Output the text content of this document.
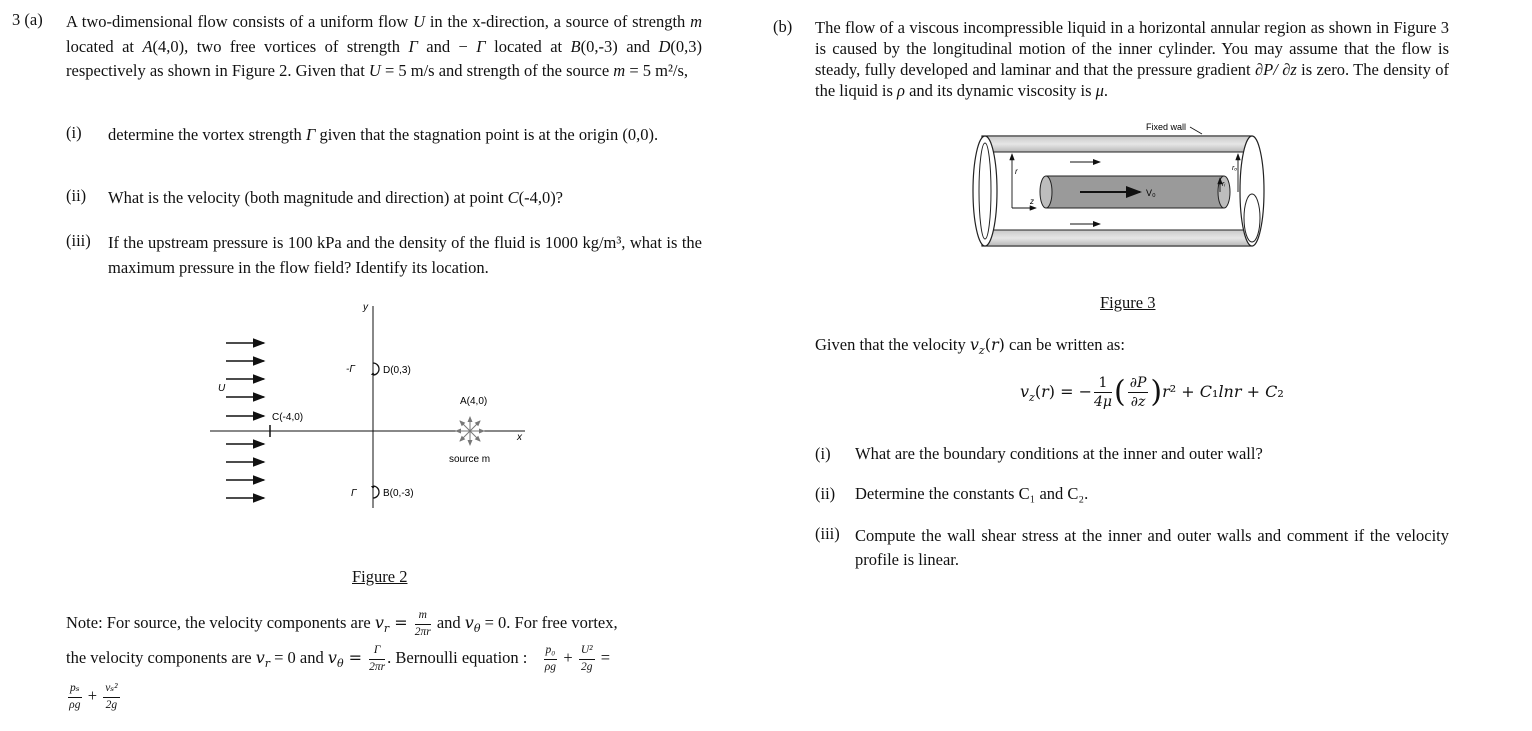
3 (a)	A two-dimensional flow consists of a uniform flow U in the x-direction, a source of strength m located at A(4,0), two free vortices of strength Γ and − Γ located at B(0,-3) and D(0,3) respectively as shown in Figure 2. Given that U = 5 m/s and strength of the source m = 5 m²/s,
(i) determine the vortex strength Γ given that the stagnation point is at the origin (0,0).
(ii) What is the velocity (both magnitude and direction) at point C(-4,0)?
(iii) If the upstream pressure is 100 kPa and the density of the fluid is 1000 kg/m³, what is the maximum pressure in the flow field? Identify its location.
y
x
U
C(-4,0)
-Γ	D(0,3)
Γ	B(0,-3)
A(4,0)
source m
Figure 2
Note: For source, the velocity components are $v_r = \frac{m}{2\pi r}$ and $v_\theta = 0$. For free vortex,
the velocity components are $v_r = 0$ and $v_\theta = \frac{\Gamma}{2\pi r}$ . Bernoulli equation : $\frac{\text{p₀}}{\rho g} + \frac{\text{U²}}{2g}$ =
$\frac{\text{pₛ}}{\rho g} + \frac{\text{vₛ²}}{2g}$
(b) The flow of a viscous incompressible liquid in a horizontal annular region as shown in Figure 3 is caused by the longitudinal motion of the inner cylinder. You may assume that the flow is steady, fully developed and laminar and that the pressure gradient ∂P/ ∂z is zero. The density of the liquid is ρ and its dynamic viscosity is μ.
Fixed wall
V₀
r
z
rₒ
rᵢ
Figure 3
Given that the velocity $v_z(r)$ can be written as:
$v_z(r)$ = − $\frac{1}{4\mu}$ ( $\frac{\partial P}{\partial z} )r^2 + C_1\ln r + C_2$
(i) What are the boundary conditions at the inner and outer wall?
(ii) Determine the constants C₁ and C₂.
(iii) Compute the wall shear stress at the inner and outer walls and comment if the velocity profile is linear.
